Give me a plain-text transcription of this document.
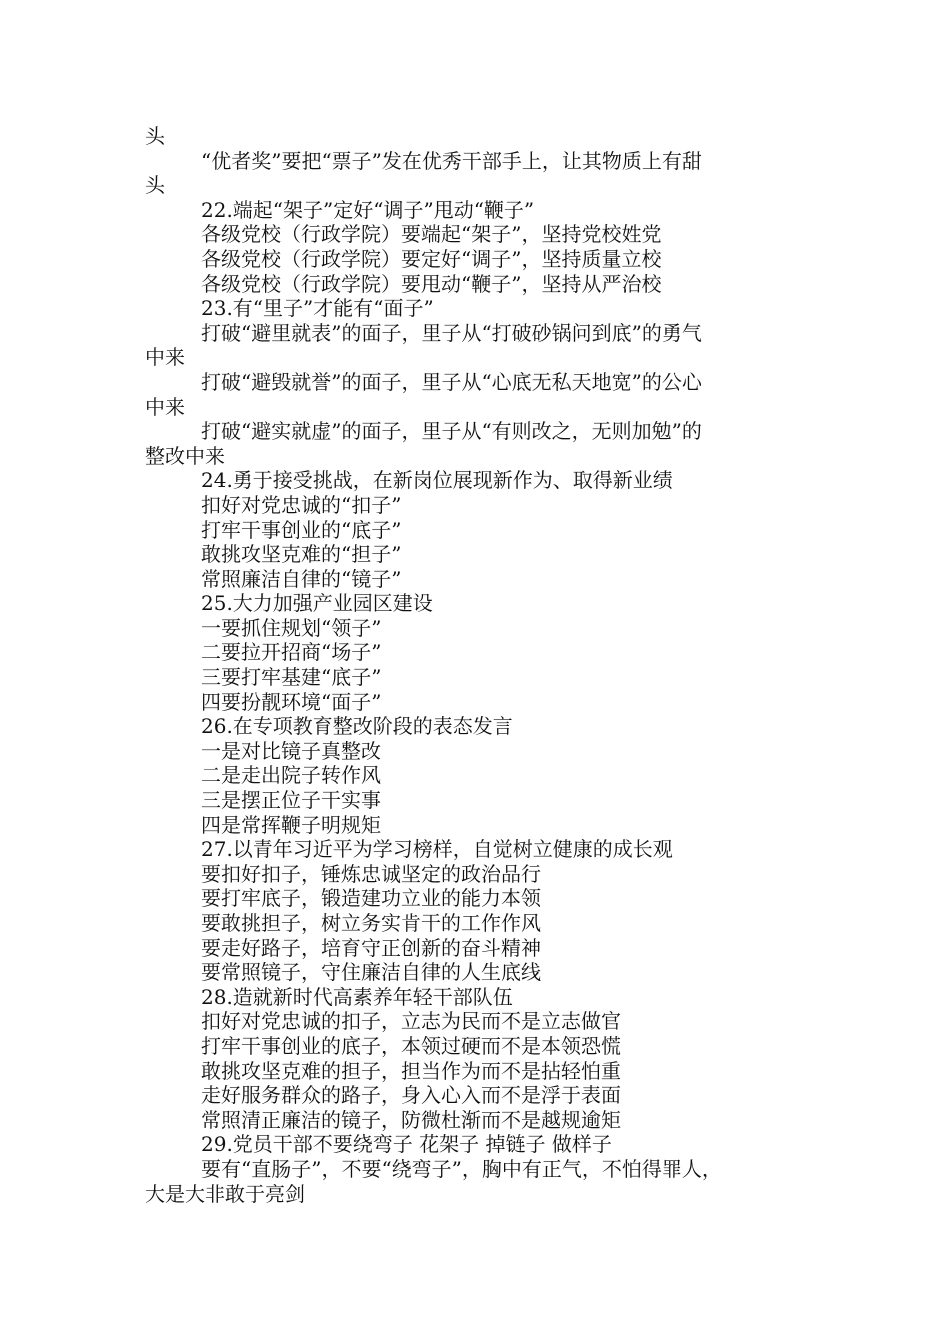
头
“优者奖”要把“票子”发在优秀干部手上，让其物质上有甜
头
22.端起“架子”定好“调子”甩动“鞭子”
各级党校（行政学院）要端起“架子”，坚持党校姓党
各级党校（行政学院）要定好“调子”，坚持质量立校
各级党校（行政学院）要甩动“鞭子”，坚持从严治校
23.有“里子”才能有“面子”
打破“避里就表”的面子，里子从“打破砂锅问到底”的勇气
中来
打破“避毁就誉”的面子，里子从“心底无私天地宽”的公心
中来
打破“避实就虚”的面子，里子从“有则改之，无则加勉”的
整改中来
24.勇于接受挑战，在新岗位展现新作为、取得新业绩
扣好对党忠诚的“扣子”
打牢干事创业的“底子”
敢挑攻坚克难的“担子”
常照廉洁自律的“镜子”
25.大力加强产业园区建设
一要抓住规划“领子”
二要拉开招商“场子”
三要打牢基建“底子”
四要扮靓环境“面子”
26.在专项教育整改阶段的表态发言
一是对比镜子真整改
二是走出院子转作风
三是摆正位子干实事
四是常挥鞭子明规矩
27.以青年习近平为学习榜样，自觉树立健康的成长观
要扣好扣子，锤炼忠诚坚定的政治品行
要打牢底子，锻造建功立业的能力本领
要敢挑担子，树立务实肯干的工作作风
要走好路子，培育守正创新的奋斗精神
要常照镜子，守住廉洁自律的人生底线
28.造就新时代高素养年轻干部队伍
扣好对党忠诚的扣子，立志为民而不是立志做官
打牢干事创业的底子，本领过硬而不是本领恐慌
敢挑攻坚克难的担子，担当作为而不是拈轻怕重
走好服务群众的路子，身入心入而不是浮于表面
常照清正廉洁的镜子，防微杜渐而不是越规逾矩
29.党员干部不要绕弯子 花架子 掉链子 做样子
要有“直肠子”，不要“绕弯子”，胸中有正气，不怕得罪人，
大是大非敢于亮剑
